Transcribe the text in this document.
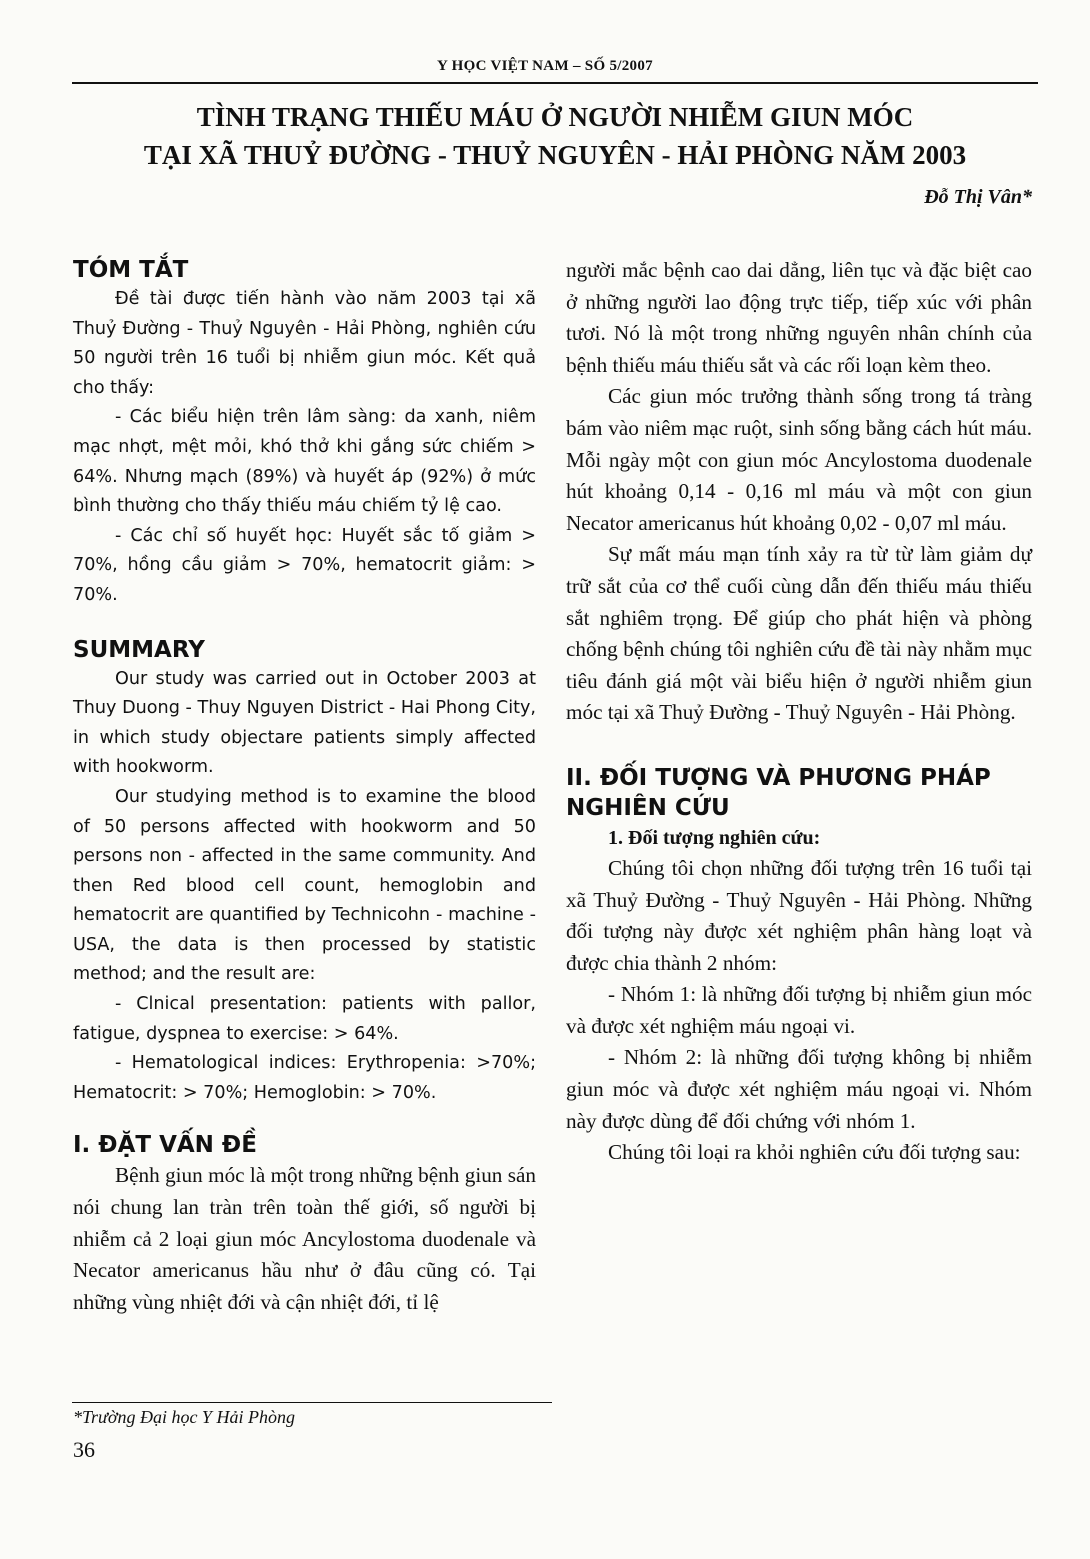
Y HỌC VIỆT NAM – SỐ 5/2007
TÌNH TRẠNG THIẾU MÁU Ở NGƯỜI NHIỄM GIUN MÓC
TẠI XÃ THUỶ ĐƯỜNG - THUỶ NGUYÊN - HẢI PHÒNG NĂM 2003
Đỗ Thị Vân*
TÓM TẮT

Đề tài được tiến hành vào năm 2003 tại xã Thuỷ Đường - Thuỷ Nguyên - Hải Phòng, nghiên cứu 50 người trên 16 tuổi bị nhiễm giun móc. Kết quả cho thấy:

- Các biểu hiện trên lâm sàng: da xanh, niêm mạc nhợt, mệt mỏi, khó thở khi gắng sức chiếm > 64%. Nhưng mạch (89%) và huyết áp (92%) ở mức bình thường cho thấy thiếu máu chiếm tỷ lệ cao.

- Các chỉ số huyết học: Huyết sắc tố giảm > 70%, hồng cầu giảm > 70%, hematocrit giảm: > 70%.

SUMMARY

Our study was carried out in October 2003 at Thuy Duong - Thuy Nguyen District - Hai Phong City, in which study objectare patients simply affected with hookworm.

Our studying method is to examine the blood of 50 persons affected with hookworm and 50 persons non - affected in the same community. And then Red blood cell count, hemoglobin and hematocrit are quantified by Technicohn - machine - USA, the data is then processed by statistic method; and the result are:

- Clnical presentation: patients with pallor, fatigue, dyspnea to exercise: > 64%.

- Hematological indices: Erythropenia: >70%; Hematocrit: > 70%; Hemoglobin: > 70%.

I. ĐẶT VẤN ĐỀ

Bệnh giun móc là một trong những bệnh giun sán nói chung lan tràn trên toàn thế giới, số người bị nhiễm cả 2 loại giun móc Ancylostoma duodenale và Necator americanus hầu như ở đâu cũng có. Tại những vùng nhiệt đới và cận nhiệt đới, tỉ lệ

người mắc bệnh cao dai dẳng, liên tục và đặc biệt cao ở những người lao động trực tiếp, tiếp xúc với phân tươi. Nó là một trong những nguyên nhân chính của bệnh thiếu máu thiếu sắt và các rối loạn kèm theo.

Các giun móc trưởng thành sống trong tá tràng bám vào niêm mạc ruột, sinh sống bằng cách hút máu. Mỗi ngày một con giun móc Ancylostoma duodenale hút khoảng 0,14 - 0,16 ml máu và một con giun Necator americanus hút khoảng 0,02 - 0,07 ml máu.

Sự mất máu mạn tính xảy ra từ từ làm giảm dự trữ sắt của cơ thể cuối cùng dẫn đến thiếu máu thiếu sắt nghiêm trọng. Để giúp cho phát hiện và phòng chống bệnh chúng tôi nghiên cứu đề tài này nhằm mục tiêu đánh giá một vài biểu hiện ở người nhiễm giun móc tại xã Thuỷ Đường - Thuỷ Nguyên - Hải Phòng.

II. ĐỐI TƯỢNG VÀ PHƯƠNG PHÁP NGHIÊN CỨU
1. Đối tượng nghiên cứu:

Chúng tôi chọn những đối tượng trên 16 tuổi tại xã Thuỷ Đường - Thuỷ Nguyên - Hải Phòng. Những đối tượng này được xét nghiệm phân hàng loạt và được chia thành 2 nhóm:

- Nhóm 1: là những đối tượng bị nhiễm giun móc và được xét nghiệm máu ngoại vi.

- Nhóm 2: là những đối tượng không bị nhiễm giun móc và được xét nghiệm máu ngoại vi. Nhóm này được dùng để đối chứng với nhóm 1.

Chúng tôi loại ra khỏi nghiên cứu đối tượng sau:

*Trường Đại học Y Hải Phòng
36
